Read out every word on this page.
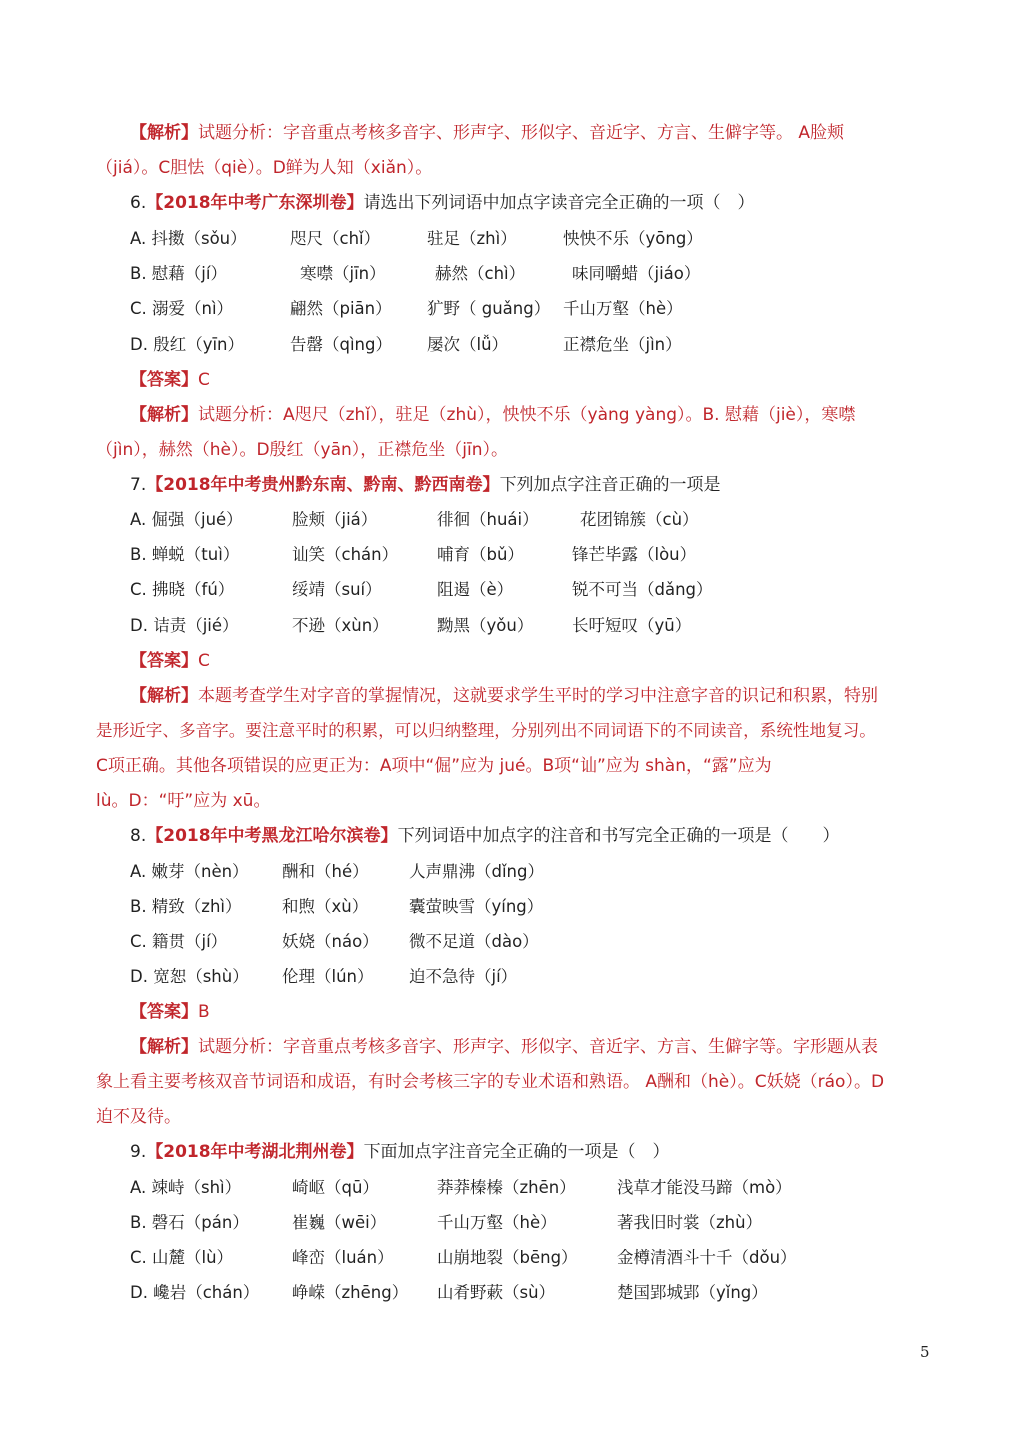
【解析】试题分析：字音重点考核多音字、形声字、形似字、音近字、方言、生僻字等。 A脸颊
（jiá）。C胆怯（qiè）。D鲜为人知（xiǎn）。
6.【2018年中考广东深圳卷】请选出下列词语中加点字读音完全正确的一项（　）
A. 抖擞（sǒu）	咫尺（chǐ）	驻足（zhì）	怏怏不乐（yōng）
B. 慰藉（jí）	寒噤（jīn）	赫然（chì）	味同嚼蜡（jiáo）
C. 溺爱（nì）	翩然（piān） 犷野（ guǎng） 千山万壑（hè）
D. 殷红（yīn）	告罄（qìng） 屡次（lǚ）	正襟危坐（jìn）
【答案】C
【解析】试题分析：A咫尺（zhǐ），驻足（zhù），怏怏不乐（yàng yàng）。B. 慰藉（jiè），寒噤
（jìn），赫然（hè）。D殷红（yān），正襟危坐（jīn）。
7.【2018年中考贵州黔东南、黔南、黔西南卷】下列加点字注音正确的一项是
A. 倔强（jué）	脸颊（jiá）	徘徊（huái）	花团锦簇（cù）
B. 蝉蜕（tuì）	讪笑（chán） 哺育（bǔ）	锋芒毕露（lòu）
C. 拂晓（fú）	绥靖（suí）	阻遏（è）	锐不可当（dǎng）
D. 诘责（jié）	不逊（xùn）	黝黑（yǒu） 长吁短叹（yū）
【答案】C
【解析】本题考查学生对字音的掌握情况，这就要求学生平时的学习中注意字音的识记和积累，特别
是形近字、多音字。要注意平时的积累，可以归纳整理，分别列出不同词语下的不同读音，系统性地复习。
C项正确。其他各项错误的应更正为：A项中“倔”应为 jué。B项“讪”应为 shàn，“露”应为
lù。D：“吁”应为 xū。
8.【2018年中考黑龙江哈尔滨卷】下列词语中加点字的注音和书写完全正确的一项是（　　）
A. 嫩芽（nèn） 酬和（hé） 人声鼎沸（dǐng）
B. 精致（zhì） 和煦（xù） 囊萤映雪（yíng）
C. 籍贯（jí）	妖娆（náo） 微不足道（dào）
D. 宽恕（shù） 伦理（lún） 迫不急待（jí）
【答案】B
【解析】试题分析：字音重点考核多音字、形声字、形似字、音近字、方言、生僻字等。字形题从表
象上看主要考核双音节词语和成语，有时会考核三字的专业术语和熟语。 A酬和（hè）。C妖娆（ráo）。D
迫不及待。
9.【2018年中考湖北荆州卷】下面加点字注音完全正确的一项是（　）
A. 竦峙（shì）	崎岖（qū）	莽莽榛榛（zhēn）	浅草才能没马蹄（mò）
B. 磬石（pán）	崔巍（wēi）	千山万壑（hè）	著我旧时裳（zhù）
C. 山麓（lù）	峰峦（luán）	山崩地裂（bēng） 金樽清酒斗十千（dǒu）
D. 巉岩（chán） 峥嵘（zhēng） 山肴野蔌（sù）	楚国郢城郢（yǐng）
5
